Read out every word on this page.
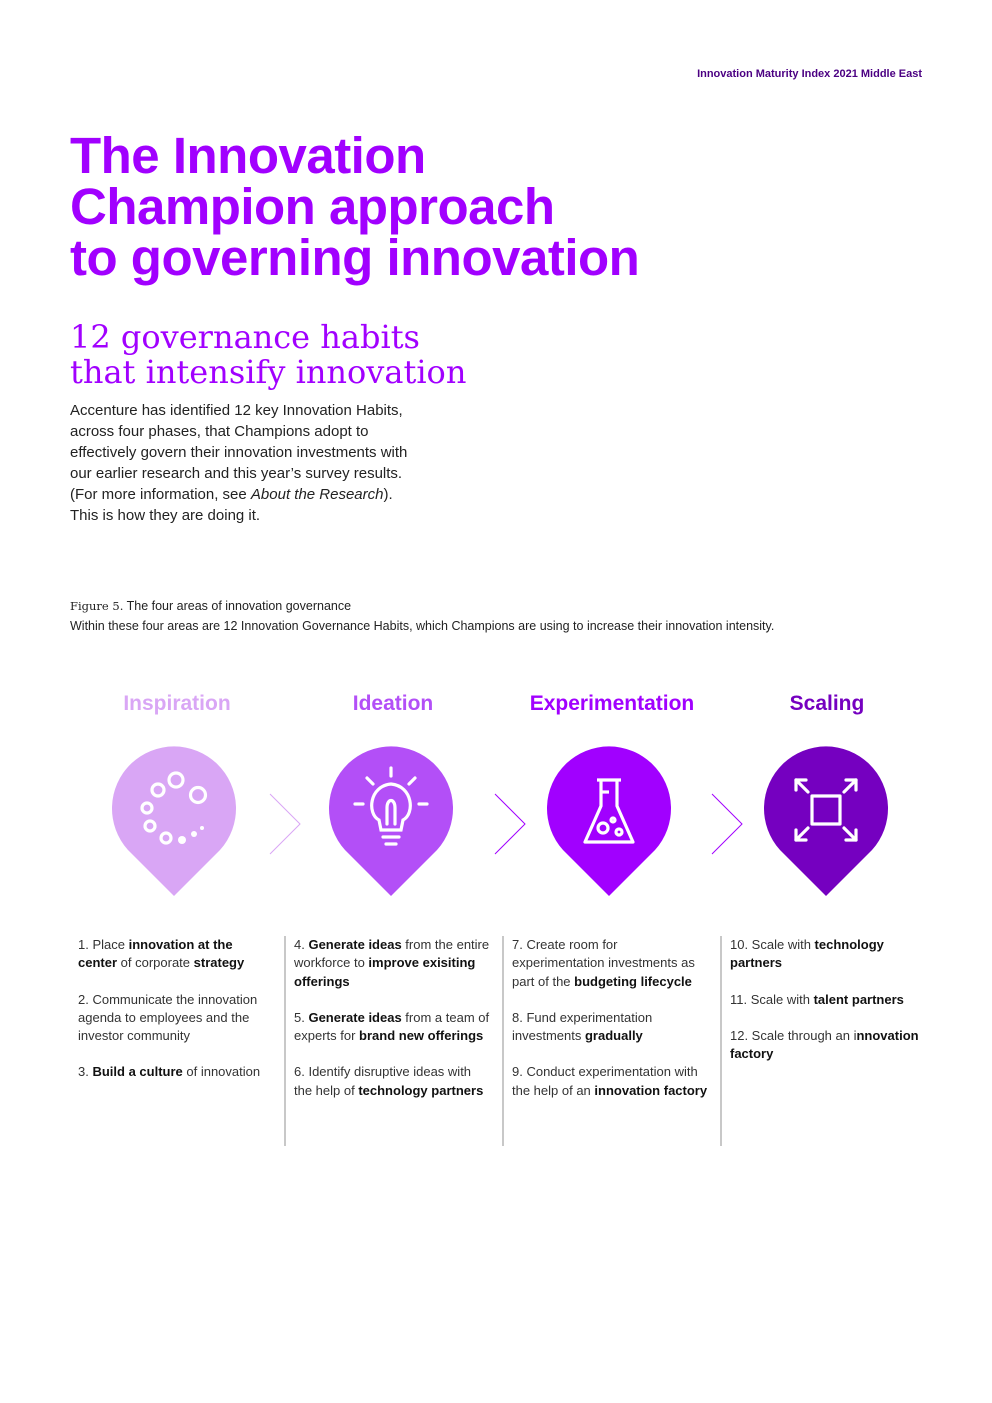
Innovation Maturity Index 2021 Middle East
The Innovation
Champion approach
to governing innovation
12 governance habits
that intensify innovation

Accenture has identified 12 key Innovation Habits,
across four phases, that Champions adopt to
effectively govern their innovation investments with
our earlier research and this year’s survey results.
(For more information, see About the Research).
This is how they are doing it.

Figure 5. The four areas of innovation governance
Within these four areas are 12 Innovation Governance Habits, which Champions are using to increase their innovation intensity.
Inspiration	Ideation	Experimentation	Scaling

1. Place innovation at the center of corporate strategy

2. Communicate the innovation agenda to employees and the investor community

3. Build a culture of innovation

4. Generate ideas from the entire workforce to improve exisiting offerings

5. Generate ideas from a team of experts for brand new offerings

6. Identify disruptive ideas with the help of technology partners

7. Create room for experimentation investments as part of the budgeting lifecycle

8. Fund experimentation investments gradually

9. Conduct experimentation with the help of an innovation factory

10. Scale with technology partners

11. Scale with talent partners

12. Scale through an innovation factory
